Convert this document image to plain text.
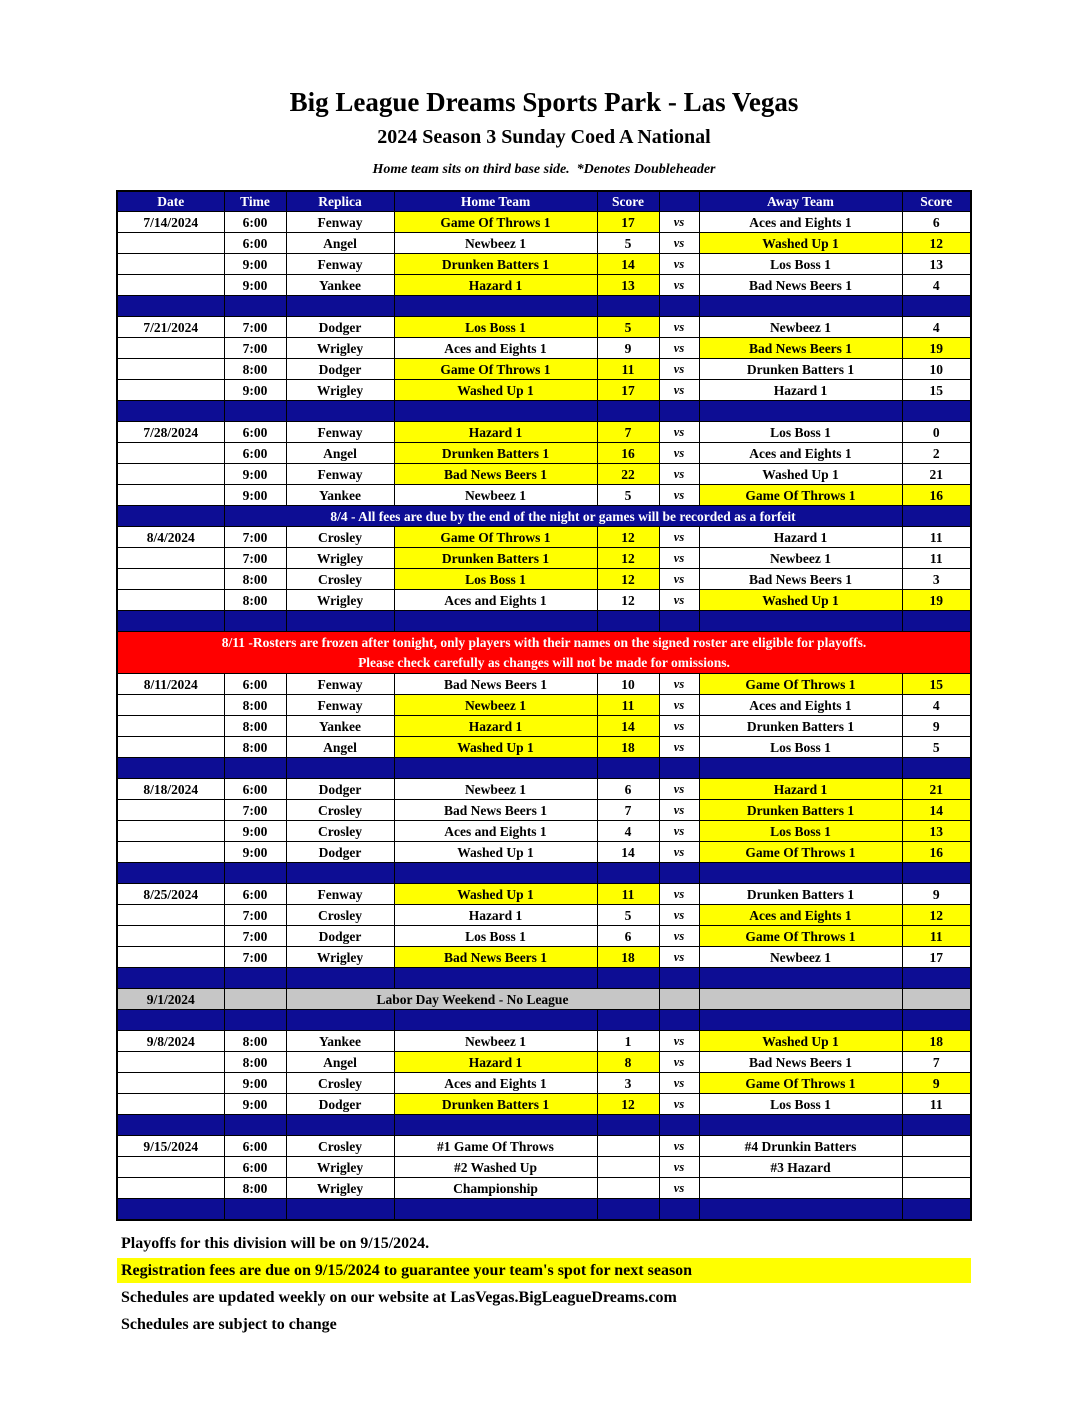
Big League Dreams Sports Park - Las Vegas
2024 Season 3 Sunday Coed A National
Home team sits on third base side.  *Denotes Doubleheader
Date	Time	Replica	Home Team	Score		Away Team	Score
7/14/2024	6:00	Fenway	Game Of Throws 1	17	vs	Aces and Eights 1	6
	6:00	Angel	Newbeez 1	5	vs	Washed Up 1	12
	9:00	Fenway	Drunken Batters 1	14	vs	Los Boss 1	13
	9:00	Yankee	Hazard 1	13	vs	Bad News Beers 1	4

7/21/2024	7:00	Dodger	Los Boss 1	5	vs	Newbeez 1	4
	7:00	Wrigley	Aces and Eights 1	9	vs	Bad News Beers 1	19
	8:00	Dodger	Game Of Throws 1	11	vs	Drunken Batters 1	10
	9:00	Wrigley	Washed Up 1	17	vs	Hazard 1	15

7/28/2024	6:00	Fenway	Hazard 1	7	vs	Los Boss 1	0
	6:00	Angel	Drunken Batters 1	16	vs	Aces and Eights 1	2
	9:00	Fenway	Bad News Beers 1	22	vs	Washed Up 1	21
	9:00	Yankee	Newbeez 1	5	vs	Game Of Throws 1	16
	8/4 - All fees are due by the end of the night or games will be recorded as a forfeit						
8/4/2024	7:00	Crosley	Game Of Throws 1	12	vs	Hazard 1	11
	7:00	Wrigley	Drunken Batters 1	12	vs	Newbeez 1	11
	8:00	Crosley	Los Boss 1	12	vs	Bad News Beers 1	3
	8:00	Wrigley	Aces and Eights 1	12	vs	Washed Up 1	19

8/11 -Rosters are frozen after tonight, only players with their names on the signed roster are eligible for playoffs.
Please check carefully as changes will not be made for omissions.							

8/11/2024	6:00	Fenway	Bad News Beers 1	10	vs	Game Of Throws 1	15
	8:00	Fenway	Newbeez 1	11	vs	Aces and Eights 1	4
	8:00	Yankee	Hazard 1	14	vs	Drunken Batters 1	9
	8:00	Angel	Washed Up 1	18	vs	Los Boss 1	5

8/18/2024	6:00	Dodger	Newbeez 1	6	vs	Hazard 1	21
	7:00	Crosley	Bad News Beers 1	7	vs	Drunken Batters 1	14
	9:00	Crosley	Aces and Eights 1	4	vs	Los Boss 1	13
	9:00	Dodger	Washed Up 1	14	vs	Game Of Throws 1	16

8/25/2024	6:00	Fenway	Washed Up 1	11	vs	Drunken Batters 1	9
	7:00	Crosley	Hazard 1	5	vs	Aces and Eights 1	12
	7:00	Dodger	Los Boss 1	6	vs	Game Of Throws 1	11
	7:00	Wrigley	Bad News Beers 1	18	vs	Newbeez 1	17

9/1/2024		Labor Day Weekend - No League					

9/8/2024	8:00	Yankee	Newbeez 1	1	vs	Washed Up 1	18
	8:00	Angel	Hazard 1	8	vs	Bad News Beers 1	7
	9:00	Crosley	Aces and Eights 1	3	vs	Game Of Throws 1	9
	9:00	Dodger	Drunken Batters 1	12	vs	Los Boss 1	11

9/15/2024	6:00	Crosley	#1 Game Of Throws		vs	#4 Drunkin Batters	
	6:00	Wrigley	#2 Washed Up		vs	#3 Hazard	
	8:00	Wrigley	Championship		vs		

Playoffs for this division will be on 9/15/2024.
Registration fees are due on 9/15/2024 to guarantee your team's spot for next season
Schedules are updated weekly on our website at LasVegas.BigLeagueDreams.com
Schedules are subject to change
